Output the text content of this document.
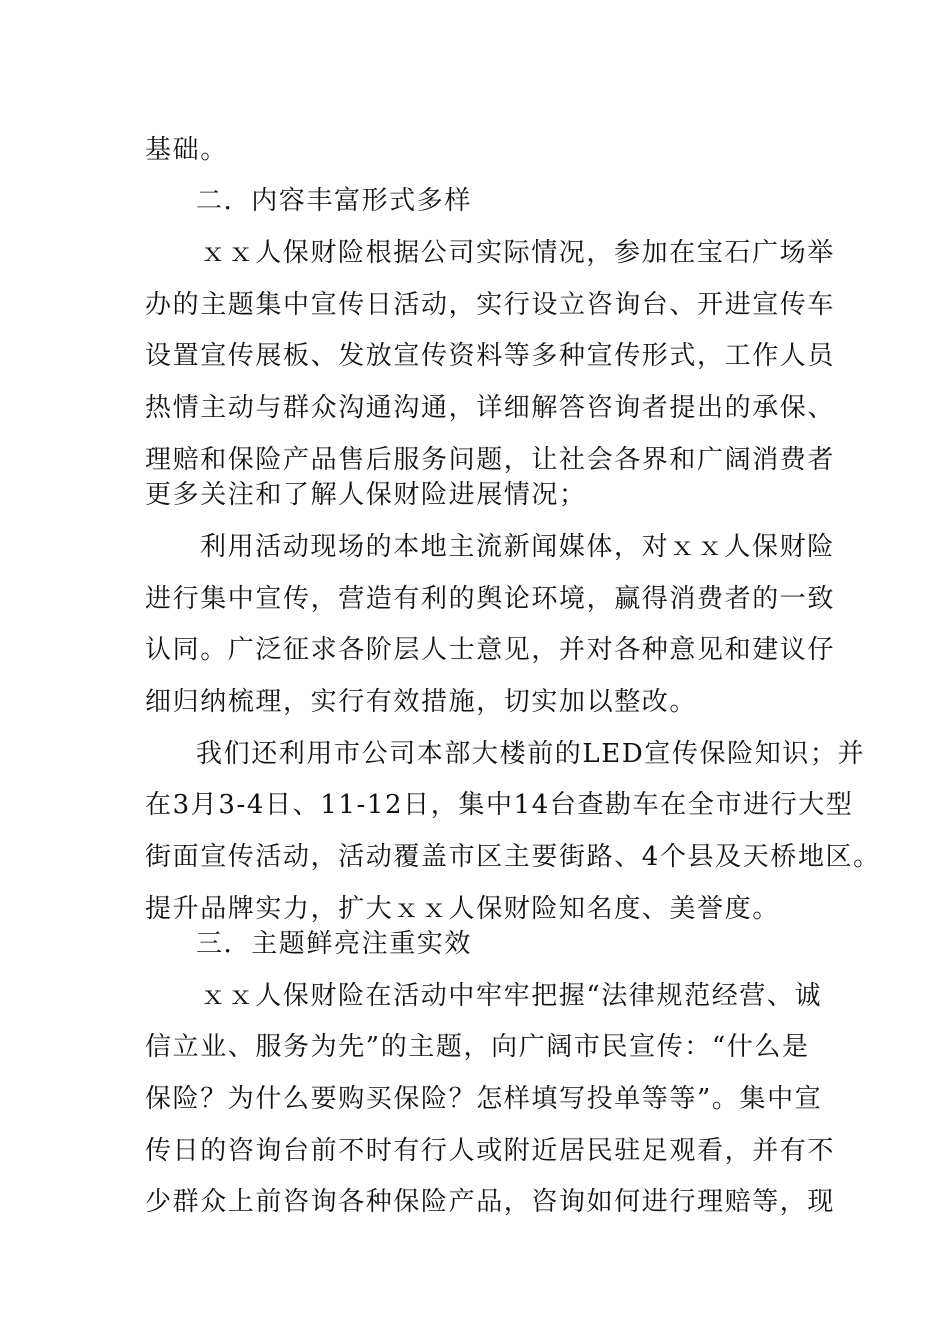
基础。
二．内容丰富形式多样
ｘｘ人保财险根据公司实际情况，参加在宝石广场举
办的主题集中宣传日活动，实行设立咨询台、开进宣传车
设置宣传展板、发放宣传资料等多种宣传形式，工作人员
热情主动与群众沟通沟通，详细解答咨询者提出的承保、
理赔和保险产品售后服务问题，让社会各界和广阔消费者
更多关注和了解人保财险进展情况；
利用活动现场的本地主流新闻媒体，对ｘｘ人保财险
进行集中宣传，营造有利的舆论环境，赢得消费者的一致
认同。广泛征求各阶层人士意见，并对各种意见和建议仔
细归纳梳理，实行有效措施，切实加以整改。
我们还利用市公司本部大楼前的LED宣传保险知识；并
在3月3-4日、11-12日，集中14台查勘车在全市进行大型
街面宣传活动，活动覆盖市区主要街路、4个县及天桥地区。
提升品牌实力，扩大ｘｘ人保财险知名度、美誉度。
三．主题鲜亮注重实效
ｘｘ人保财险在活动中牢牢把握“法律规范经营、诚
信立业、服务为先”的主题，向广阔市民宣传：“什么是
保险？为什么要购买保险？怎样填写投单等等”。集中宣
传日的咨询台前不时有行人或附近居民驻足观看，并有不
少群众上前咨询各种保险产品，咨询如何进行理赔等，现
